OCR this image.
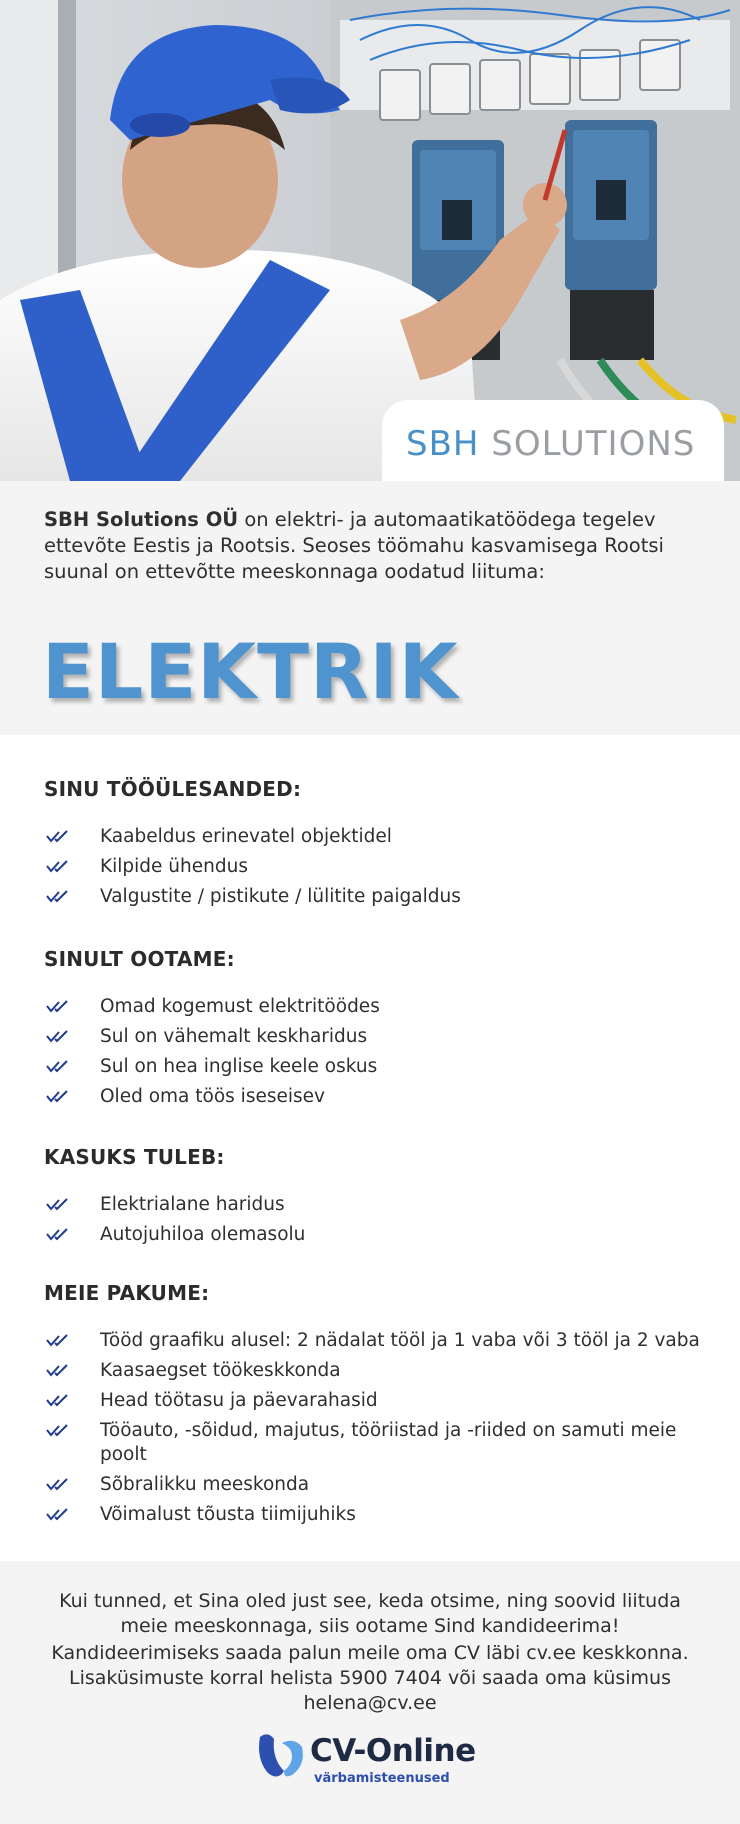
SBH SOLUTIONS

SBH Solutions OÜ on elektri- ja automaatikatöödega tegelev ettevõte Eestis ja Rootsis. Seoses töömahu kasvamisega Rootsi suunal on ettevõtte meeskonnaga oodatud liituma:

ELEKTRIK
SINU TÖÖÜLESANDED:
Kaabeldus erinevatel objektidel
Kilpide ühendus
Valgustite / pistikute / lülitite paigaldus
SINULT OOTAME:
Omad kogemust elektritöödes
Sul on vähemalt keskharidus
Sul on hea inglise keele oskus
Oled oma töös iseseisev
KASUKS TULEB:
Elektrialane haridus
Autojuhiloa olemasolu
MEIE PAKUME:
Tööd graafiku alusel: 2 nädalat tööl ja 1 vaba või 3 tööl ja 2 vaba
Kaasaegset töökeskkonda
Head töötasu ja päevarahasid
Tööauto, -sõidud, majutus, tööriistad ja -riided on samuti meie poolt
Sõbralikku meeskonda
Võimalust tõusta tiimijuhiks

Kui tunned, et Sina oled just see, keda otsime, ning soovid liituda meie meeskonnaga, siis ootame Sind kandideerima!

Kandideerimiseks saada palun meile oma CV läbi cv.ee keskkonna. Lisaküsimuste korral helista 5900 7404 või saada oma küsimus helena@cv.ee

CV-Online
värbamisteenused
